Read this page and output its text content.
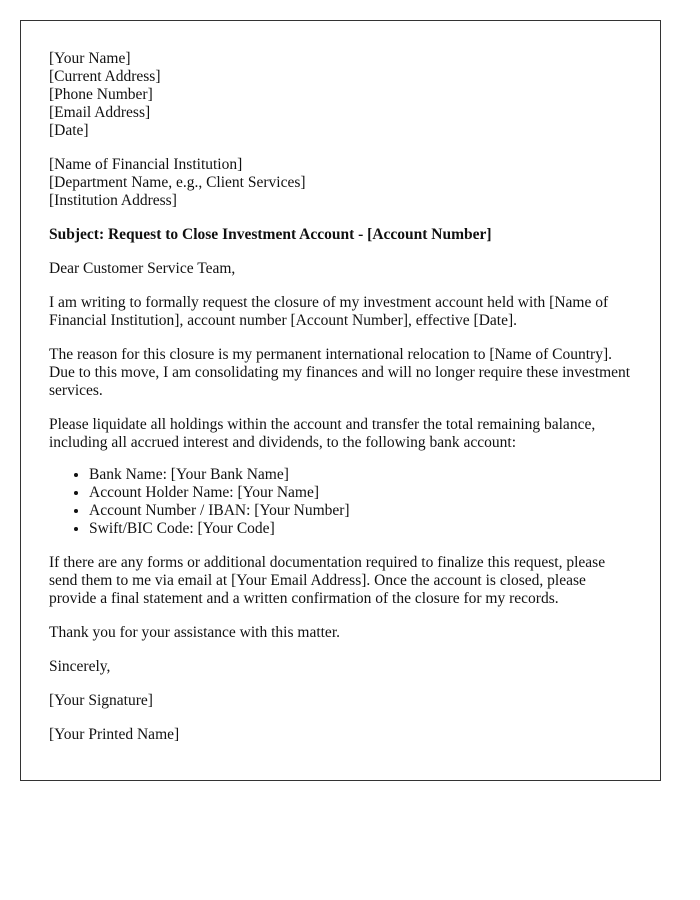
[Your Name]
[Current Address]
[Phone Number]
[Email Address]
[Date]
[Name of Financial Institution]
[Department Name, e.g., Client Services]
[Institution Address]

Subject: Request to Close Investment Account - [Account Number]

Dear Customer Service Team,

I am writing to formally request the closure of my investment account held with [Name of Financial Institution], account number [Account Number], effective [Date].

The reason for this closure is my permanent international relocation to [Name of Country]. Due to this move, I am consolidating my finances and will no longer require these investment services.

Please liquidate all holdings within the account and transfer the total remaining balance, including all accrued interest and dividends, to the following bank account:

• Bank Name: [Your Bank Name]
• Account Holder Name: [Your Name]
• Account Number / IBAN: [Your Number]
• Swift/BIC Code: [Your Code]

If there are any forms or additional documentation required to finalize this request, please send them to me via email at [Your Email Address]. Once the account is closed, please provide a final statement and a written confirmation of the closure for my records.

Thank you for your assistance with this matter.

Sincerely,

[Your Signature]

[Your Printed Name]
